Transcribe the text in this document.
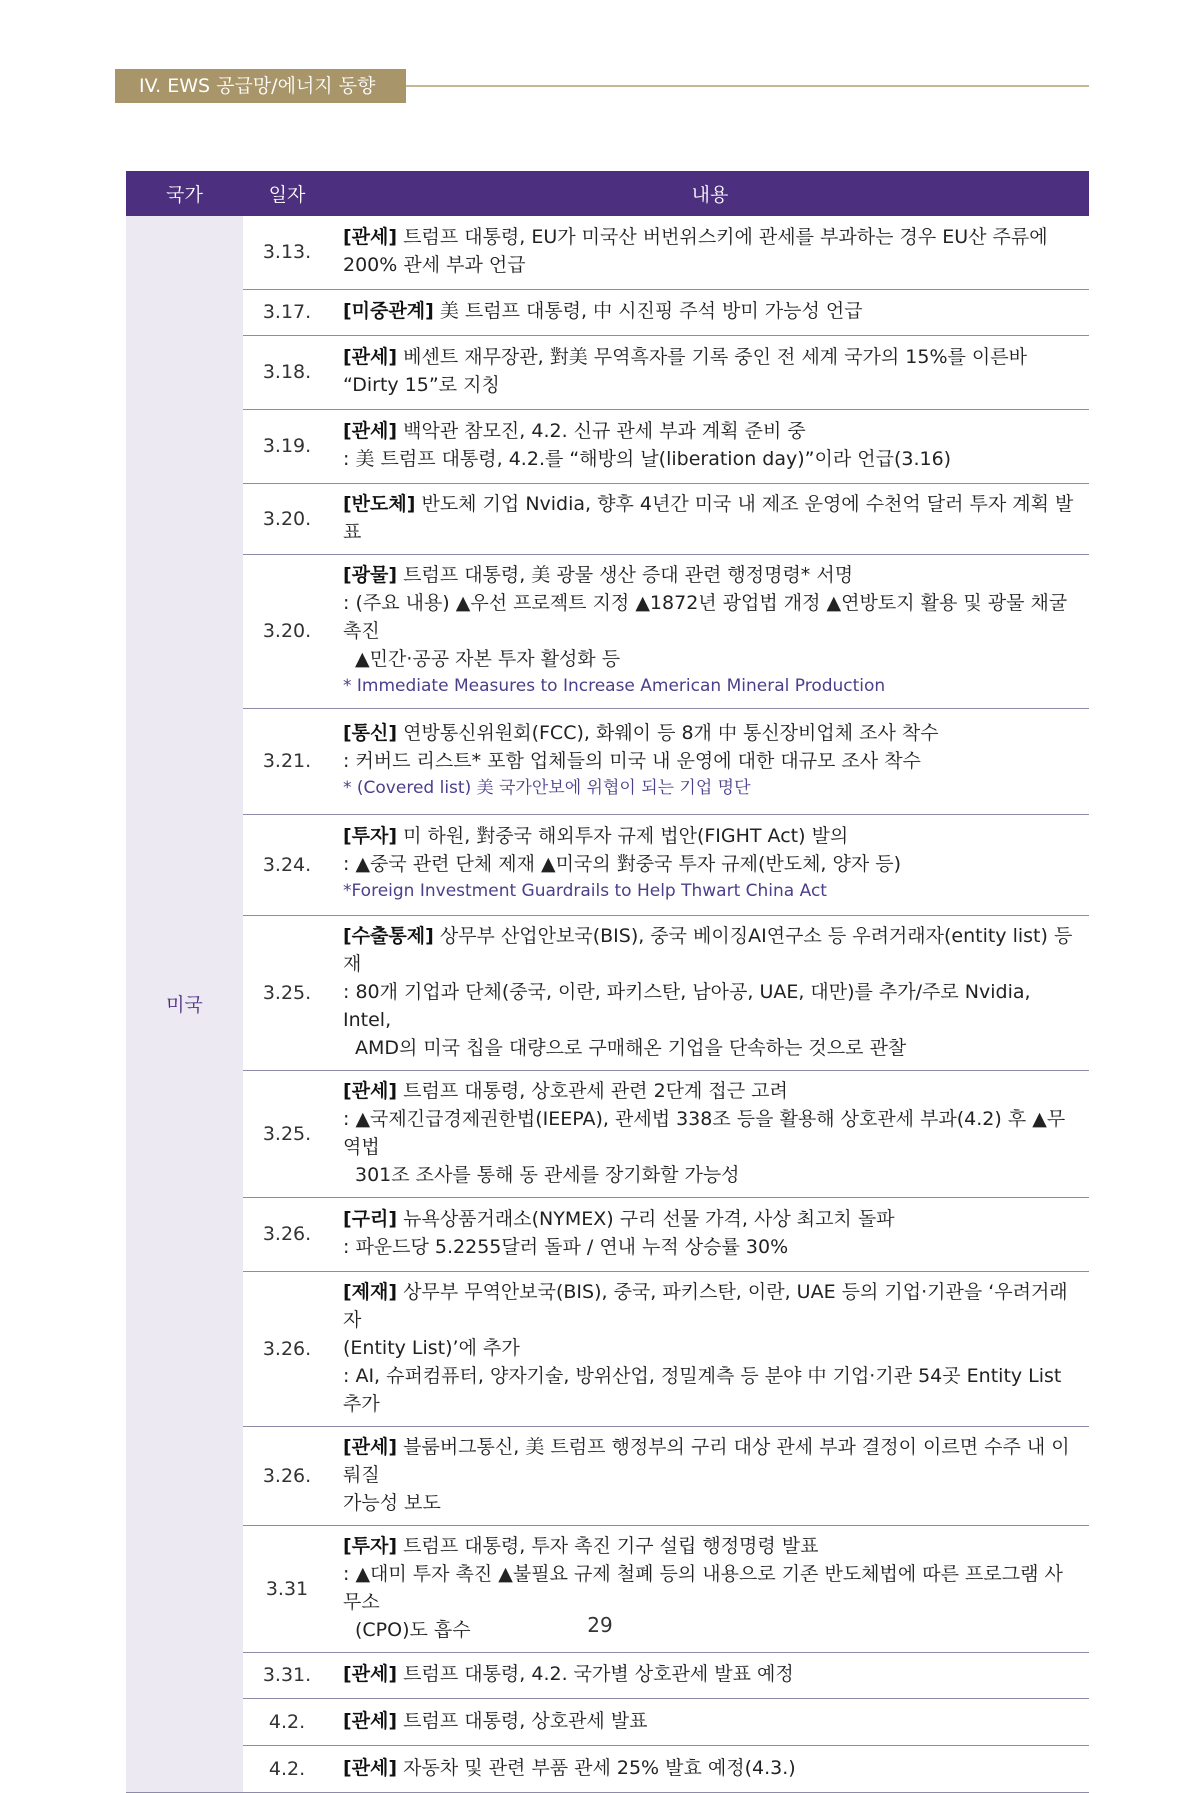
IV. EWS 공급망/에너지 동향
국가	일자	내용
미국	3.13.	[관세] 트럼프 대통령, EU가 미국산 버번위스키에 관세를 부과하는 경우 EU산 주류에
200% 관세 부과 언급

	3.17.	[미중관계] 美 트럼프 대통령, 中 시진핑 주석 방미 가능성 언급

	3.18.	[관세] 베센트 재무장관, 對美 무역흑자를 기록 중인 전 세계 국가의 15%를 이른바
“Dirty 15”로 지칭

	3.19.	[관세] 백악관 참모진, 4.2. 신규 관세 부과 계획 준비 중
: 美 트럼프 대통령, 4.2.를 “해방의 날(liberation day)”이라 언급(3.16)

	3.20.	[반도체] 반도체 기업 Nvidia, 향후 4년간 미국 내 제조 운영에 수천억 달러 투자 계획 발표

	3.20.	[광물] 트럼프 대통령, 美 광물 생산 증대 관련 행정명령* 서명
: (주요 내용) ▲우선 프로젝트 지정 ▲1872년 광업법 개정 ▲연방토지 활용 및 광물 채굴 촉진
▲민간·공공 자본 투자 활성화 등
* Immediate Measures to Increase American Mineral Production

	3.21.	[통신] 연방통신위원회(FCC), 화웨이 등 8개 中 통신장비업체 조사 착수
: 커버드 리스트* 포함 업체들의 미국 내 운영에 대한 대규모 조사 착수
* (Covered list) 美 국가안보에 위협이 되는 기업 명단

	3.24.	[투자] 미 하원, 對중국 해외투자 규제 법안(FIGHT Act) 발의
: ▲중국 관련 단체 제재 ▲미국의 對중국 투자 규제(반도체, 양자 등)
*Foreign Investment Guardrails to Help Thwart China Act

	3.25.	[수출통제] 상무부 산업안보국(BIS), 중국 베이징AI연구소 등 우려거래자(entity list) 등재
: 80개 기업과 단체(중국, 이란, 파키스탄, 남아공, UAE, 대만)를 추가/주로 Nvidia, Intel,
AMD의 미국 칩을 대량으로 구매해온 기업을 단속하는 것으로 관찰

	3.25.	[관세] 트럼프 대통령, 상호관세 관련 2단계 접근 고려
: ▲국제긴급경제권한법(IEEPA), 관세법 338조 등을 활용해 상호관세 부과(4.2) 후 ▲무역법
301조 조사를 통해 동 관세를 장기화할 가능성

	3.26.	[구리] 뉴욕상품거래소(NYMEX) 구리 선물 가격, 사상 최고치 돌파
: 파운드당 5.2255달러 돌파 / 연내 누적 상승률 30%

	3.26.	[제재] 상무부 무역안보국(BIS), 중국, 파키스탄, 이란, UAE 등의 기업·기관을 ‘우려거래자
(Entity List)’에 추가
: AI, 슈퍼컴퓨터, 양자기술, 방위산업, 정밀계측 등 분야 中 기업·기관 54곳 Entity List 추가

	3.26.	[관세] 블룸버그통신, 美 트럼프 행정부의 구리 대상 관세 부과 결정이 이르면 수주 내 이뤄질
가능성 보도

	3.31	[투자] 트럼프 대통령, 투자 촉진 기구 설립 행정명령 발표
: ▲대미 투자 촉진 ▲불필요 규제 철폐 등의 내용으로 기존 반도체법에 따른 프로그램 사무소
(CPO)도 흡수

	3.31.	[관세] 트럼프 대통령, 4.2. 국가별 상호관세 발표 예정

	4.2.	[관세] 트럼프 대통령, 상호관세 발표

	4.2.	[관세] 자동차 및 관련 부품 관세 25% 발효 예정(4.3.)
29
